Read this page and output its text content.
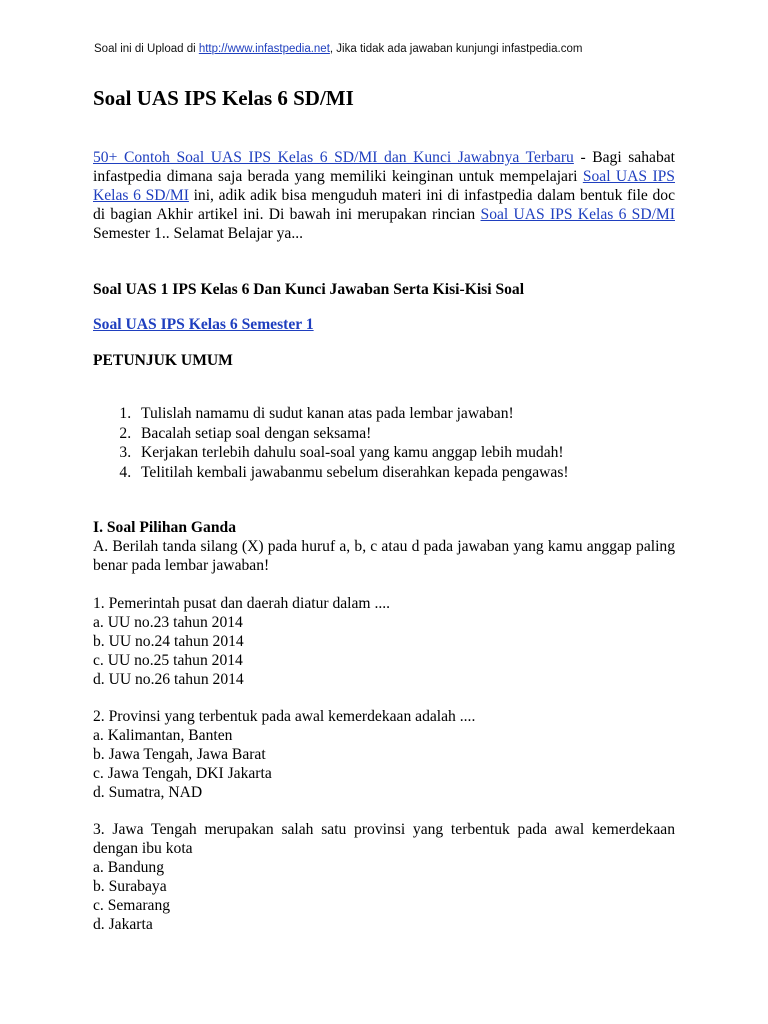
Soal ini di Upload di http://www.infastpedia.net, Jika tidak ada jawaban kunjungi infastpedia.com
Soal UAS IPS Kelas 6 SD/MI
50+ Contoh Soal UAS IPS Kelas 6 SD/MI dan Kunci Jawabnya Terbaru - Bagi sahabat infastpedia dimana saja berada yang memiliki keinginan untuk mempelajari Soal UAS IPS Kelas 6 SD/MI ini, adik adik bisa menguduh materi ini di infastpedia dalam bentuk file doc di bagian Akhir artikel ini. Di bawah ini merupakan rincian Soal UAS IPS Kelas 6 SD/MI Semester 1.. Selamat Belajar ya...
Soal UAS 1 IPS Kelas 6 Dan Kunci Jawaban Serta Kisi-Kisi Soal
Soal UAS IPS Kelas 6 Semester 1
PETUNJUK UMUM
1. Tulislah namamu di sudut kanan atas pada lembar jawaban!
2. Bacalah setiap soal dengan seksama!
3. Kerjakan terlebih dahulu soal-soal yang kamu anggap lebih mudah!
4. Telitilah kembali jawabanmu sebelum diserahkan kepada pengawas!
I. Soal Pilihan Ganda
A. Berilah tanda silang (X) pada huruf a, b, c atau d pada jawaban yang kamu anggap paling benar pada lembar jawaban!
1. Pemerintah pusat dan daerah diatur dalam ....
a. UU no.23 tahun 2014
b. UU no.24 tahun 2014
c. UU no.25 tahun 2014
d. UU no.26 tahun 2014
2. Provinsi yang terbentuk pada awal kemerdekaan adalah ....
a. Kalimantan, Banten
b. Jawa Tengah, Jawa Barat
c. Jawa Tengah, DKI Jakarta
d. Sumatra, NAD
3. Jawa Tengah merupakan salah satu provinsi yang terbentuk pada awal kemerdekaan dengan ibu kota
a. Bandung
b. Surabaya
c. Semarang
d. Jakarta
